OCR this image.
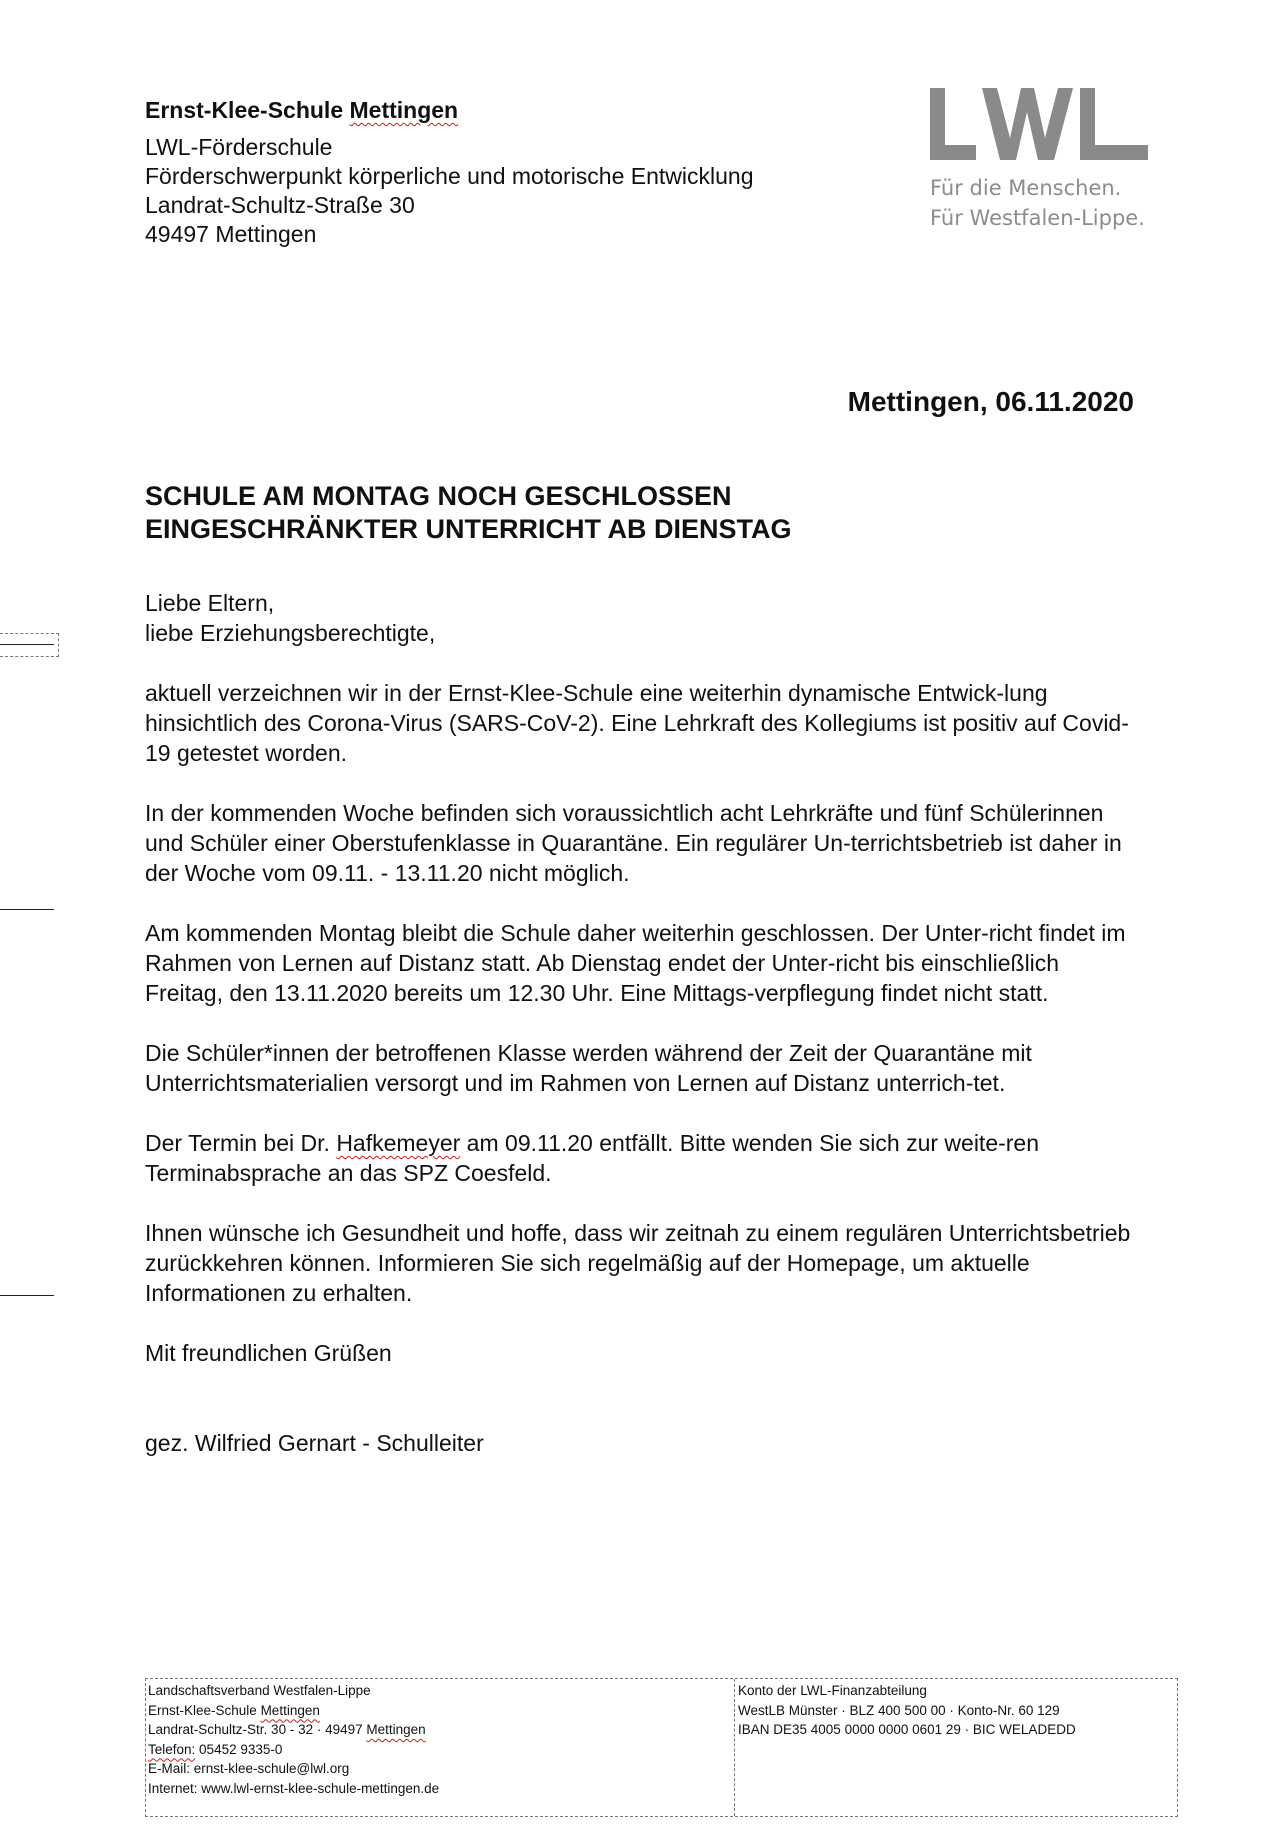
Ernst-Klee-Schule Mettingen
LWL-Förderschule
Förderschwerpunkt körperliche und motorische Entwicklung
Landrat-Schultz-Straße 30
49497 Mettingen
Für die Menschen.
Für Westfalen-Lippe.
Mettingen, 06.11.2020
SCHULE AM MONTAG NOCH GESCHLOSSEN
EINGESCHRÄNKTER UNTERRICHT AB DIENSTAG

Liebe Eltern,
liebe Erziehungsberechtigte,

aktuell verzeichnen wir in der Ernst-Klee-Schule eine weiterhin dynamische Entwick-lung hinsichtlich des Corona-Virus (SARS-CoV-2). Eine Lehrkraft des Kollegiums ist positiv auf Covid-19 getestet worden.

In der kommenden Woche befinden sich voraussichtlich acht Lehrkräfte und fünf Schülerinnen und Schüler einer Oberstufenklasse in Quarantäne. Ein regulärer Un-terrichtsbetrieb ist daher in der Woche vom 09.11. - 13.11.20 nicht möglich.

Am kommenden Montag bleibt die Schule daher weiterhin geschlossen. Der Unter-richt findet im Rahmen von Lernen auf Distanz statt. Ab Dienstag endet der Unter-richt bis einschließlich Freitag, den 13.11.2020 bereits um 12.30 Uhr. Eine Mittags-verpflegung findet nicht statt.

Die Schüler*innen der betroffenen Klasse werden während der Zeit der Quarantäne mit Unterrichtsmaterialien versorgt und im Rahmen von Lernen auf Distanz unterrich-tet.

Der Termin bei Dr. Hafkemeyer am 09.11.20 entfällt. Bitte wenden Sie sich zur weite-ren Terminabsprache an das SPZ Coesfeld.

Ihnen wünsche ich Gesundheit und hoffe, dass wir zeitnah zu einem regulären Unterrichtsbetrieb zurückkehren können. Informieren Sie sich regelmäßig auf der Homepage, um aktuelle Informationen zu erhalten.

Mit freundlichen Grüßen

gez. Wilfried Gernart - Schulleiter

Landschaftsverband Westfalen-Lippe
Ernst-Klee-Schule Mettingen
Landrat-Schultz-Str. 30 - 32 · 49497 Mettingen
Telefon: 05452 9335-0
E-Mail: ernst-klee-schule@lwl.org
Internet: www.lwl-ernst-klee-schule-mettingen.de
Konto der LWL-Finanzabteilung
WestLB Münster · BLZ 400 500 00 · Konto-Nr. 60 129
IBAN DE35 4005 0000 0000 0601 29 · BIC WELADEDD
